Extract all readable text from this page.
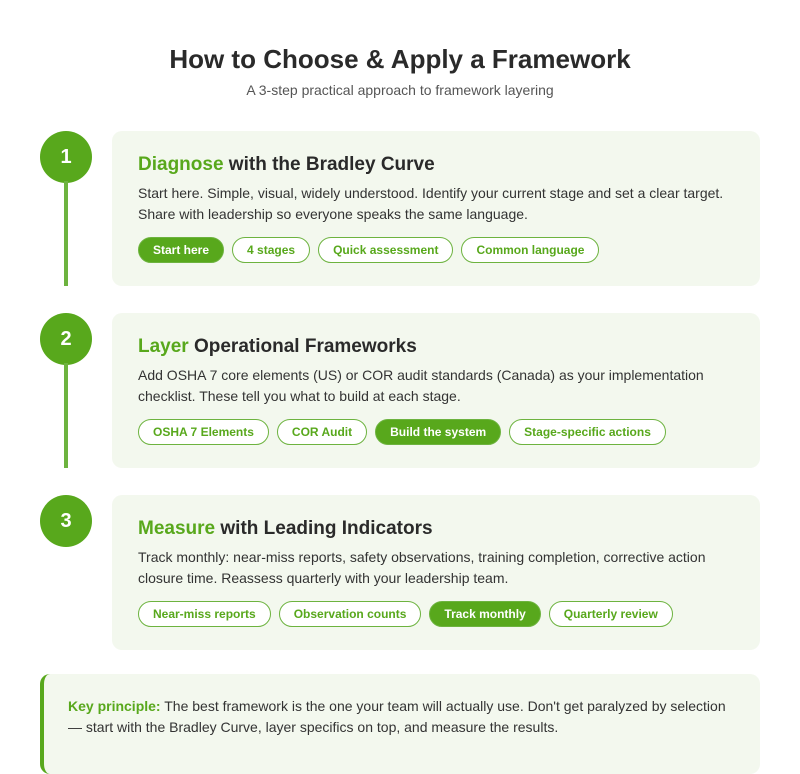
How to Choose & Apply a Framework
A 3-step practical approach to framework layering
1	Diagnose with the Bradley Curve

Start here. Simple, visual, widely understood. Identify your current stage and set a clear target. Share with leadership so everyone speaks the same language.

Start here	4 stages	Quick assessment	Common language
2	Layer Operational Frameworks

Add OSHA 7 core elements (US) or COR audit standards (Canada) as your implementation checklist. These tell you what to build at each stage.

OSHA 7 Elements	COR Audit	Build the system	Stage-specific actions
3	Measure with Leading Indicators

Track monthly: near-miss reports, safety observations, training completion, corrective action closure time. Reassess quarterly with your leadership team.

Near-miss reports	Observation counts	Track monthly	Quarterly review
Key principle: The best framework is the one your team will actually use. Don't get paralyzed by selection — start with the Bradley Curve, layer specifics on top, and measure the results.
